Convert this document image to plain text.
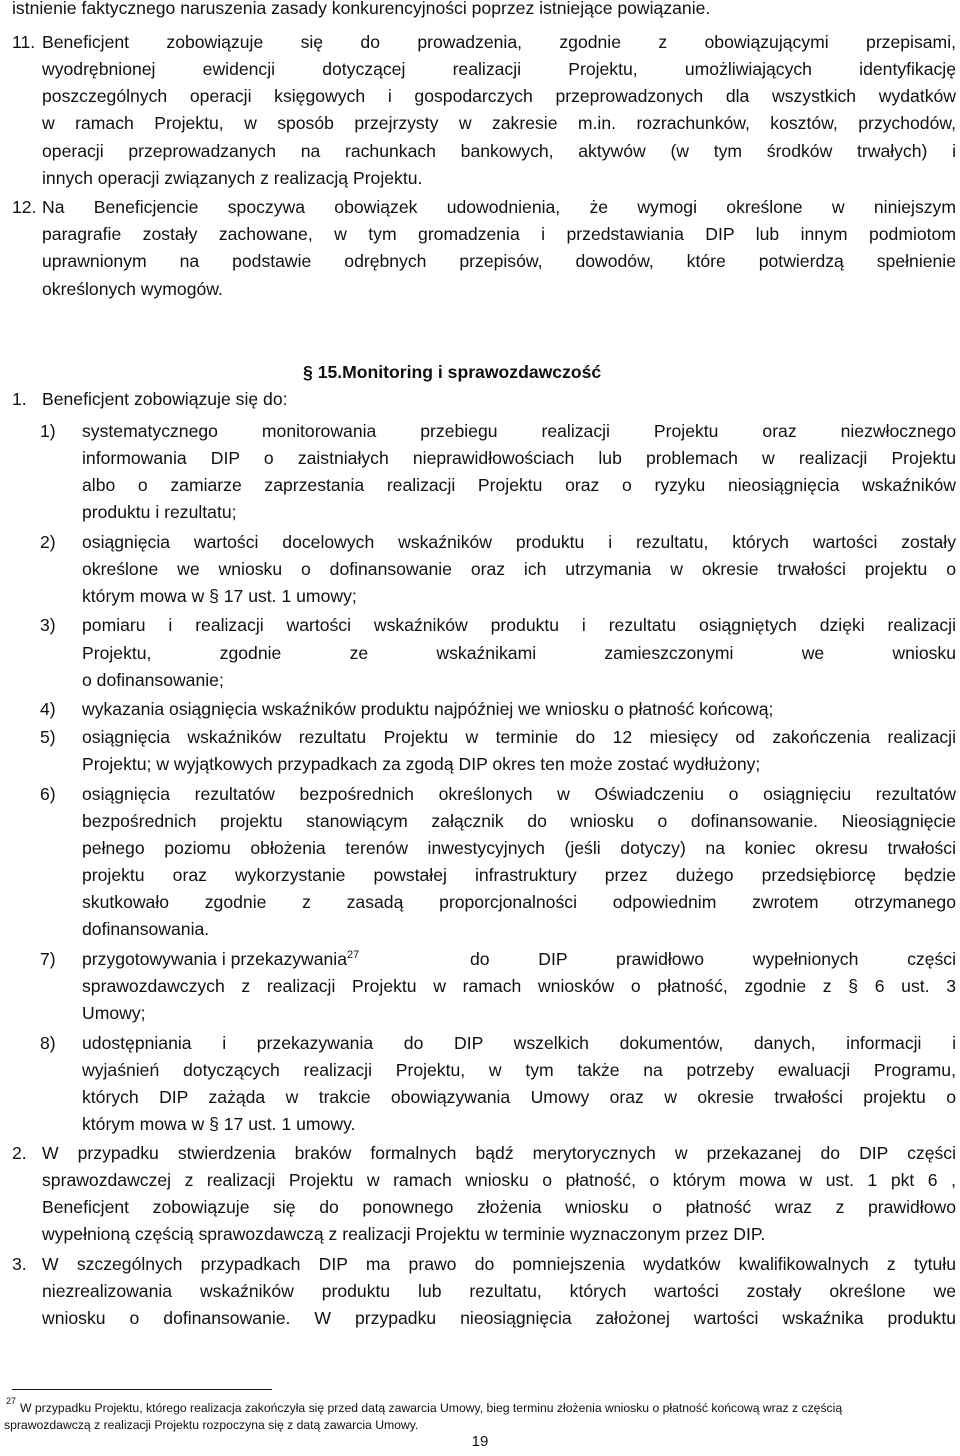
istnienie faktycznego naruszenia zasady konkurencyjności poprzez istniejące powiązanie.
11. Beneficjent zobowiązuje się do prowadzenia, zgodnie z obowiązującymi przepisami,
wyodrębnionej ewidencji dotyczącej realizacji Projektu, umożliwiających identyfikację
poszczególnych operacji księgowych i gospodarczych przeprowadzonych dla wszystkich wydatków
w ramach Projektu, w sposób przejrzysty w zakresie m.in. rozrachunków, kosztów, przychodów,
operacji przeprowadzanych na rachunkach bankowych, aktywów (w tym środków trwałych) i
innych operacji związanych z realizacją Projektu.
12. Na Beneficjencie spoczywa obowiązek udowodnienia, że wymogi określone w niniejszym
paragrafie zostały zachowane, w tym gromadzenia i przedstawiania DIP lub innym podmiotom
uprawnionym na podstawie odrębnych przepisów, dowodów, które potwierdzą spełnienie
określonych wymogów.
§ 15.Monitoring i sprawozdawczość
1. Beneficjent zobowiązuje się do:
1) systematycznego monitorowania przebiegu realizacji Projektu oraz niezwłocznego
informowania DIP o zaistniałych nieprawidłowościach lub problemach w realizacji Projektu
albo o zamiarze zaprzestania realizacji Projektu oraz o ryzyku nieosiągnięcia wskaźników
produktu i rezultatu;
2) osiągnięcia wartości docelowych wskaźników produktu i rezultatu, których wartości zostały
określone we wniosku o dofinansowanie oraz ich utrzymania w okresie trwałości projektu o
którym mowa w § 17 ust. 1 umowy;
3) pomiaru i realizacji wartości wskaźników produktu i rezultatu osiągniętych dzięki realizacji
Projektu, zgodnie ze wskaźnikami zamieszczonymi we wniosku
o dofinansowanie;
4) wykazania osiągnięcia wskaźników produktu najpóźniej we wniosku o płatność końcową;
5) osiągnięcia wskaźników rezultatu Projektu w terminie do 12 miesięcy od zakończenia realizacji
Projektu; w wyjątkowych przypadkach za zgodą DIP okres ten może zostać wydłużony;
6) osiągnięcia rezultatów bezpośrednich określonych w Oświadczeniu o osiągnięciu rezultatów
bezpośrednich projektu stanowiącym załącznik do wniosku o dofinansowanie. Nieosiągnięcie
pełnego poziomu obłożenia terenów inwestycyjnych (jeśli dotyczy) na koniec okresu trwałości
projektu oraz wykorzystanie powstałej infrastruktury przez dużego przedsiębiorcę będzie
skutkowało zgodnie z zasadą proporcjonalności odpowiednim zwrotem otrzymanego
dofinansowania.
7) przygotowywania i przekazywania$^{27}$	do DIP prawidłowo wypełnionych części
sprawozdawczych z realizacji Projektu w ramach wniosków o płatność, zgodnie z § 6 ust. 3
Umowy;
8) udostępniania i przekazywania do DIP wszelkich dokumentów, danych, informacji i
wyjaśnień dotyczących realizacji Projektu, w tym także na potrzeby ewaluacji Programu,
których DIP zażąda w trakcie obowiązywania Umowy oraz w okresie trwałości projektu o
którym mowa w § 17 ust. 1 umowy.
2. W przypadku stwierdzenia braków formalnych bądź merytorycznych w przekazanej do DIP części
sprawozdawczej z realizacji Projektu w ramach wniosku o płatność, o którym mowa w ust. 1 pkt 6 ,
Beneficjent zobowiązuje się do ponownego złożenia wniosku o płatność wraz z prawidłowo
wypełnioną częścią sprawozdawczą z realizacji Projektu w terminie wyznaczonym przez DIP.
3. W szczególnych przypadkach DIP ma prawo do pomniejszenia wydatków kwalifikowalnych z tytułu
niezrealizowania wskaźników produktu lub rezultatu, których wartości zostały określone we
wniosku o dofinansowanie. W przypadku nieosiągnięcia założonej wartości wskaźnika produktu
27 W przypadku Projektu, którego realizacja zakończyła się przed datą zawarcia Umowy, bieg terminu złożenia wniosku o płatność końcową wraz z częścią
sprawozdawczą z realizacji Projektu rozpoczyna się z datą zawarcia Umowy.
19
